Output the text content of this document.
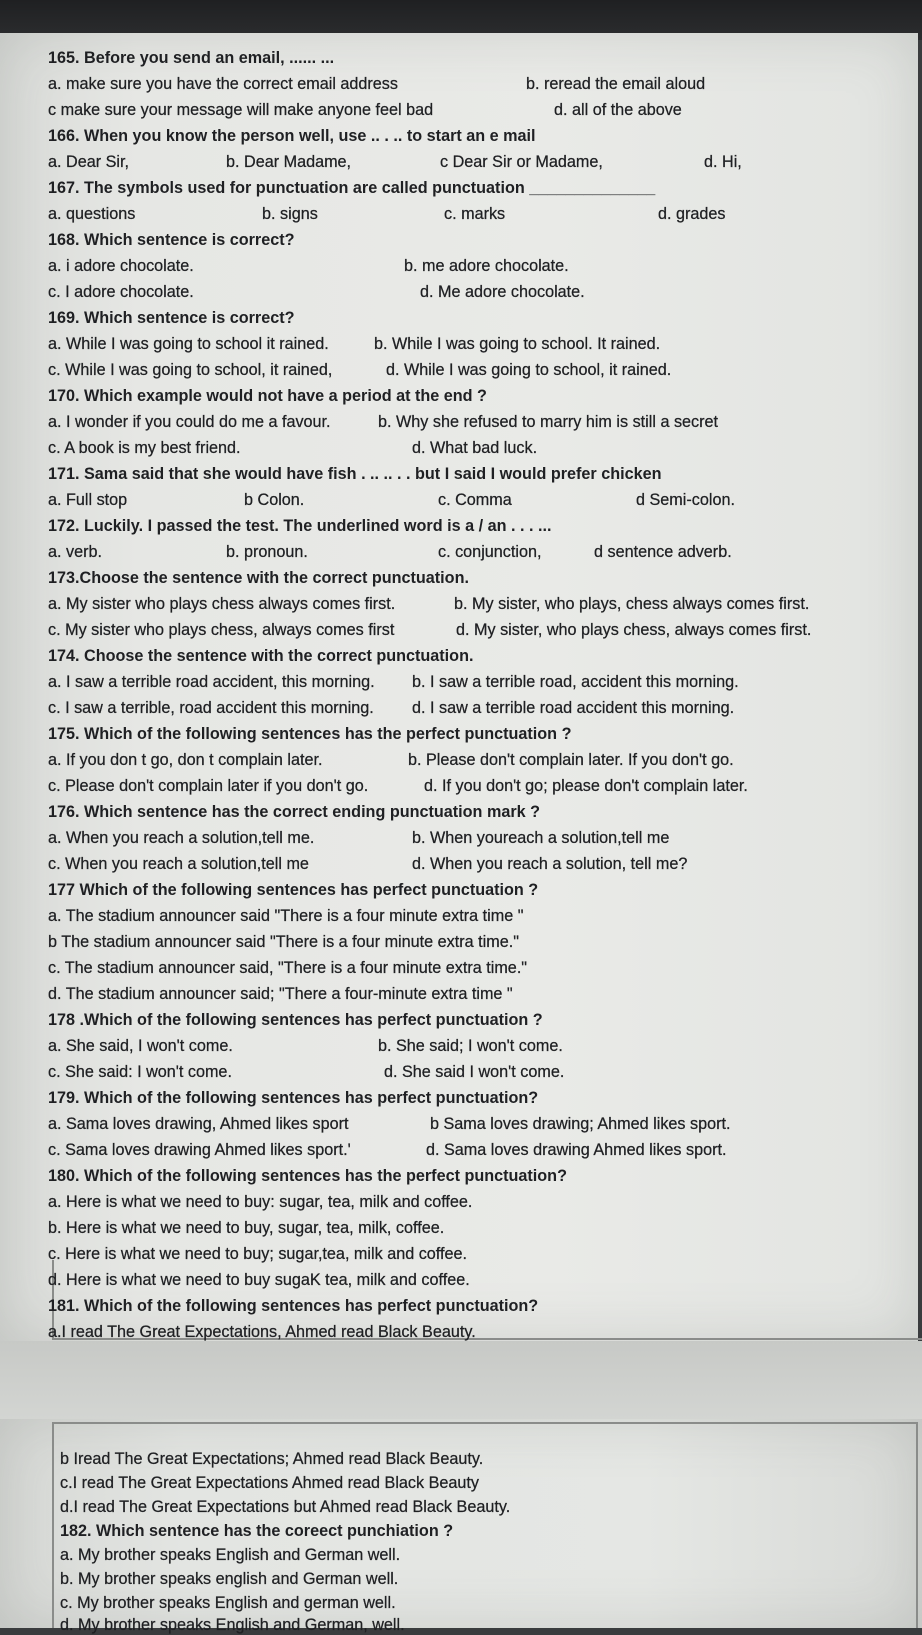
165. Before you send an email, ...... ...

a. make sure you have the correct email address	b. reread the email aloud

c make sure your message will make anyone feel bad	d. all of the above

166. When you know the person well, use .. . .. to start an e mail

a. Dear Sir,	b. Dear Madame,	c Dear Sir or Madame,	d. Hi,

167. The symbols used for punctuation are called punctuation ______________

a. questions	b. signs	c. marks	d. grades

168. Which sentence is correct?

a. i adore chocolate.	b. me adore chocolate.

c. I adore chocolate.	d. Me adore chocolate.

169. Which sentence is correct?

a. While I was going to school it rained.	b. While I was going to school. It rained.

c. While I was going to school, it rained,	d. While I was going to school, it rained.

170. Which example would not have a period at the end ?

a. I wonder if you could do me a favour.	b. Why she refused to marry him is still a secret

c. A book is my best friend.	d. What bad luck.

171. Sama said that she would have fish . .. .. . . but I said I would prefer chicken

a. Full stop	b Colon.	c. Comma	d Semi-colon.

172. Luckily. I passed the test. The underlined word is a / an . . . ...

a. verb.	b. pronoun.	c. conjunction,	d sentence adverb.

173.Choose the sentence with the correct punctuation.

a. My sister who plays chess always comes first.	b. My sister, who plays, chess always comes first.

c. My sister who plays chess, always comes first	d. My sister, who plays chess, always comes first.

174. Choose the sentence with the correct punctuation.

a. I saw a terrible road accident, this morning. b. I saw a terrible road, accident this morning.

c. I saw a terrible, road accident this morning. d. I saw a terrible road accident this morning.

175. Which of the following sentences has the perfect punctuation ?

a. If you don t go, don t complain later.	b. Please don't complain later. If you don't go.

c. Please don't complain later if you don't go.	d. If you don't go; please don't complain later.

176. Which sentence has the correct ending punctuation mark ?

a. When you reach a solution,tell me.	b. When youreach a solution,tell me

c. When you reach a solution,tell me	d. When you reach a solution, tell me?

177 Which of the following sentences has perfect punctuation ?

a. The stadium announcer said "There is a four minute extra time "

b The stadium announcer said "There is a four minute extra time."

c. The stadium announcer said, "There is a four minute extra time."

d. The stadium announcer said; "There a four-minute extra time "

178 .Which of the following sentences has perfect punctuation ?

a. She said, I won't come.	b. She said; I won't come.

c. She said: I won't come.	d. She said I won't come.

179. Which of the following sentences has perfect punctuation?

a. Sama loves drawing, Ahmed likes sport	b Sama loves drawing; Ahmed likes sport.

c. Sama loves drawing Ahmed likes sport.'	d. Sama loves drawing Ahmed likes sport.

180. Which of the following sentences has the perfect punctuation?

a. Here is what we need to buy: sugar, tea, milk and coffee.

b. Here is what we need to buy, sugar, tea, milk, coffee.

c. Here is what we need to buy; sugar,tea, milk and coffee.

d. Here is what we need to buy sugaK tea, milk and coffee.

181. Which of the following sentences has perfect punctuation?

a.I read The Great Expectations, Ahmed read Black Beauty.

b Iread The Great Expectations; Ahmed read Black Beauty.

c.I read The Great Expectations Ahmed read Black Beauty

d.I read The Great Expectations but Ahmed read Black Beauty.

182. Which sentence has the coreect punchiation ?

a. My brother speaks English and German well.

b. My brother speaks english and German well.

c. My brother speaks English and german well.

d. My brother speaks English and German, well.
